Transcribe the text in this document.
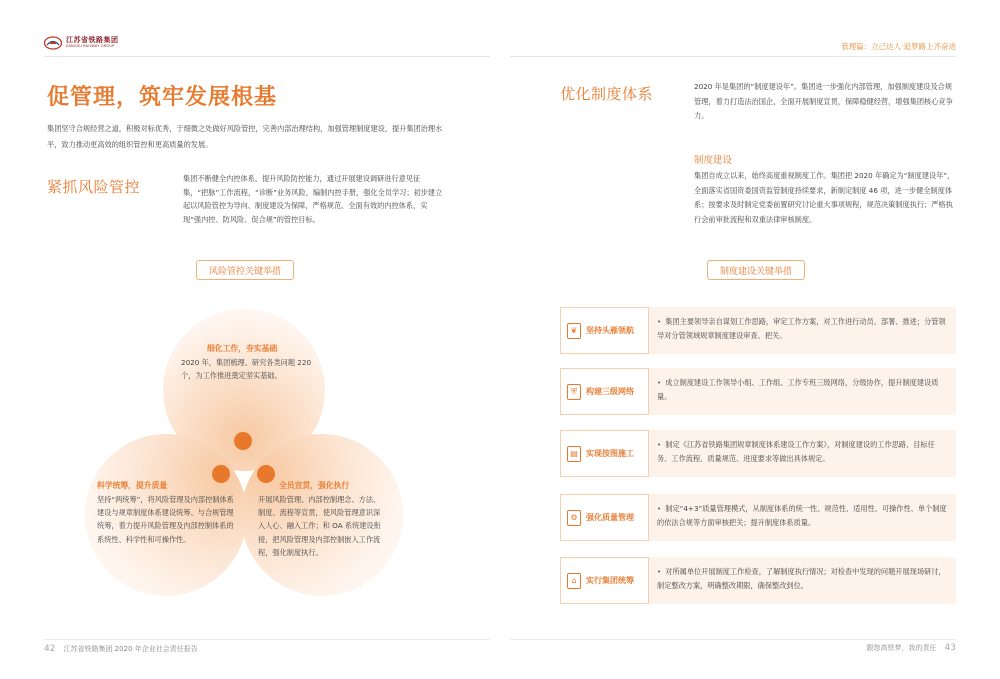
江苏省铁路集团
JIANGSU RAILWAY GROUP	管理篇：立己达人·追梦路上齐奋进
促管理，筑牢发展根基
集团坚守合规经营之道，积极对标优秀，于细微之处做好风险管控，完善内部治理结构，加强管理制度建设，提升集团治理水平，致力推动更高效的组织管控和更高质量的发展。
紧抓风险管控	集团不断健全内控体系，提升风险防控能力，通过开展建设调研进行意见征集，“把脉”工作流程，“诊断”业务风险，编制内控手册，强化全员学习；初步建立起以风险管控为导向、制度建设为保障，严格规范、全面有效的内控体系，实现“强内控、防风险、促合规”的管控目标。
风险管控关键举措
细化工作，夯实基础
2020 年，集团梳理、研究各类问题 220 个，为工作推进奠定坚实基础。
科学统筹，提升质量
坚持“两统筹”，将风险管理及内部控制体系建设与规章制度体系建设统筹、与合规管理统筹，着力提升风险管理及内部控制体系的系统性、科学性和可操作性。
全员宣贯，强化执行
开展风险管理、内部控制理念、方法、制度、流程等宣贯，使风险管理意识深入人心、融入工作；和 OA 系统建设衔接，把风险管理及内部控制嵌入工作流程，强化制度执行。
优化制度体系	2020 年是集团的“制度建设年”。集团进一步强化内部管理，加强制度建设及合规管理，着力打造法治国企，全面开展制度宣贯，保障稳健经营，增强集团核心竞争力。
制度建设
集团自成立以来，始终高度重视制度工作。集团把 2020 年确定为“制度建设年”，全面落实省国资委国资监管制度持续要求，新制定制度 46 项，进一步健全制度体系；按要求及时制定党委前置研究讨论重大事项规程，规范决策制度执行；严格执行会前审批流程和双重法律审核制度。
制度建设关键举措
❦	坚持头雁领航
• 集团主要领导亲自谋划工作思路，审定工作方案，对工作进行动员、部署、推进；分管领导对分管领域规章制度建设审查、把关。
⛨	构建三级网络
• 成立制度建设工作领导小组、工作组、工作专班三级网络，分级协作，提升制度建设质量。
▤	实现按图施工
• 制定《江苏省铁路集团规章制度体系建设工作方案》，对制度建设的工作思路、目标任务、工作流程、质量规范、进度要求等做出具体规定。
⚙	强化质量管理
• 制定“4+3”质量管理模式，从制度体系的统一性、规范性、适用性、可操作性、单个制度的依法合规等方面审核把关；提升制度体系质量。
⌂	实行集团统筹
• 对所属单位开展制度工作检查，了解制度执行情况；对检查中发现的问题开展现场研讨，制定整改方案，明确整改期限，确保整改到位。
42 江苏省铁路集团 2020 年企业社会责任报告	跟您高铁梦，我的责任 43
